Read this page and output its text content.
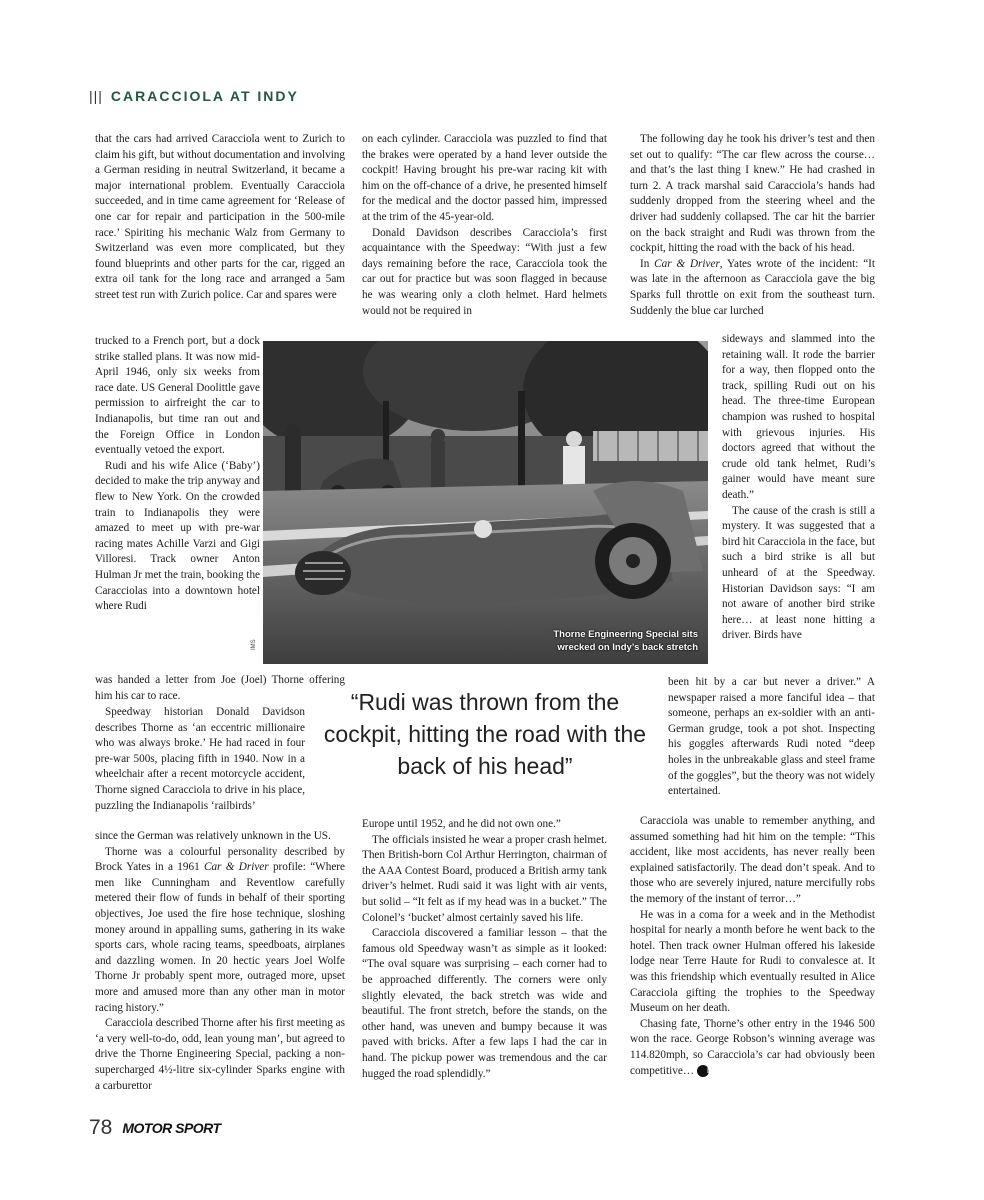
||| CARACCIOLA AT INDY

that the cars had arrived Caracciola went to Zurich to claim his gift, but without documentation and involving a German residing in neutral Switzerland, it became a major international problem. Eventually Caracciola succeeded, and in time came agreement for ‘Release of one car for repair and participation in the 500-mile race.’ Spiriting his mechanic Walz from Germany to Switzerland was even more complicated, but they found blueprints and other parts for the car, rigged an extra oil tank for the long race and arranged a 5am street test run with Zurich police. Car and spares were

trucked to a French port, but a dock strike stalled plans. It was now mid-April 1946, only six weeks from race date. US General Doolittle gave permission to airfreight the car to Indianapolis, but time ran out and the Foreign Office in London eventually vetoed the export.

Rudi and his wife Alice (‘Baby’) decided to make the trip anyway and flew to New York. On the crowded train to Indianapolis they were amazed to meet up with pre-war racing mates Achille Varzi and Gigi Villoresi. Track owner Anton Hulman Jr met the train, booking the Caracciolas into a downtown hotel where Rudi

was handed a letter from Joe (Joel) Thorne offering him his car to race.

Speedway historian Donald Davidson describes Thorne as ‘an eccentric millionaire who was always broke.’ He had raced in four pre-war 500s, placing fifth in 1940. Now in a wheelchair after a recent motorcycle accident, Thorne signed Caracciola to drive in his place, puzzling the Indianapolis ‘railbirds’

since the German was relatively unknown in the US.

Thorne was a colourful personality described by Brock Yates in a 1961 Car & Driver profile: “Where men like Cunningham and Reventlow carefully metered their flow of funds in behalf of their sporting objectives, Joe used the fire hose technique, sloshing money around in appalling sums, gathering in its wake sports cars, whole racing teams, speedboats, airplanes and dazzling women. In 20 hectic years Joel Wolfe Thorne Jr probably spent more, outraged more, upset more and amused more than any other man in motor racing history.”

Caracciola described Thorne after his first meeting as ‘a very well-to-do, odd, lean young man’, but agreed to drive the Thorne Engineering Special, packing a non-supercharged 4½-litre six-cylinder Sparks engine with a carburettor

on each cylinder. Caracciola was puzzled to find that the brakes were operated by a hand lever outside the cockpit! Having brought his pre-war racing kit with him on the off-chance of a drive, he presented himself for the medical and the doctor passed him, impressed at the trim of the 45-year-old.

Donald Davidson describes Caracciola’s first acquaintance with the Speedway: “With just a few days remaining before the race, Caracciola took the car out for practice but was soon flagged in because he was wearing only a cloth helmet. Hard helmets would not be required in

Europe until 1952, and he did not own one.”

The officials insisted he wear a proper crash helmet. Then British-born Col Arthur Herrington, chairman of the AAA Contest Board, produced a British army tank driver’s helmet. Rudi said it was light with air vents, but solid – “It felt as if my head was in a bucket.” The Colonel’s ‘bucket’ almost certainly saved his life.

Caracciola discovered a familiar lesson – that the famous old Speedway wasn’t as simple as it looked: “The oval square was surprising – each corner had to be approached differently. The corners were only slightly elevated, the back stretch was wide and beautiful. The front stretch, before the stands, on the other hand, was uneven and bumpy because it was paved with bricks. After a few laps I had the car in hand. The pickup power was tremendous and the car hugged the road splendidly.”

The following day he took his driver’s test and then set out to qualify: “The car flew across the course… and that’s the last thing I knew.” He had crashed in turn 2. A track marshal said Caracciola’s hands had suddenly dropped from the steering wheel and the driver had suddenly collapsed. The car hit the barrier on the back straight and Rudi was thrown from the cockpit, hitting the road with the back of his head.

In Car & Driver, Yates wrote of the incident: “It was late in the afternoon as Caracciola gave the big Sparks full throttle on exit from the southeast turn. Suddenly the blue car lurched

sideways and slammed into the retaining wall. It rode the barrier for a way, then flopped onto the track, spilling Rudi out on his head. The three-time European champion was rushed to hospital with grievous injuries. His doctors agreed that without the crude old tank helmet, Rudi’s gainer would have meant sure death.”

The cause of the crash is still a mystery. It was suggested that a bird hit Caracciola in the face, but such a bird strike is all but unheard of at the Speedway. Historian Davidson says: “I am not aware of another bird strike here… at least none hitting a driver. Birds have

been hit by a car but never a driver.” A newspaper raised a more fanciful idea – that someone, perhaps an ex-soldier with an anti-German grudge, took a pot shot. Inspecting his goggles afterwards Rudi noted “deep holes in the unbreakable glass and steel frame of the goggles”, but the theory was not widely entertained.

Caracciola was unable to remember anything, and assumed something had hit him on the temple: “This accident, like most accidents, has never really been explained satisfactorily. The dead don’t speak. And to those who are severely injured, nature mercifully robs the memory of the instant of terror…”

He was in a coma for a week and in the Methodist hospital for nearly a month before he went back to the hotel. Then track owner Hulman offered his lakeside lodge near Terre Haute for Rudi to convalesce at. It was this friendship which eventually resulted in Alice Caracciola gifting the trophies to the Speedway Museum on her death.

Chasing fate, Thorne’s other entry in the 1946 500 won the race. George Robson’s winning average was 114.820mph, so Caracciola’s car had obviously been competitive… M

Thorne Engineering Special sits
wrecked on Indy’s back stretch
IMS
“Rudi was thrown from the cockpit, hitting the road with the back of his head”
78 MOTOR SPORT
